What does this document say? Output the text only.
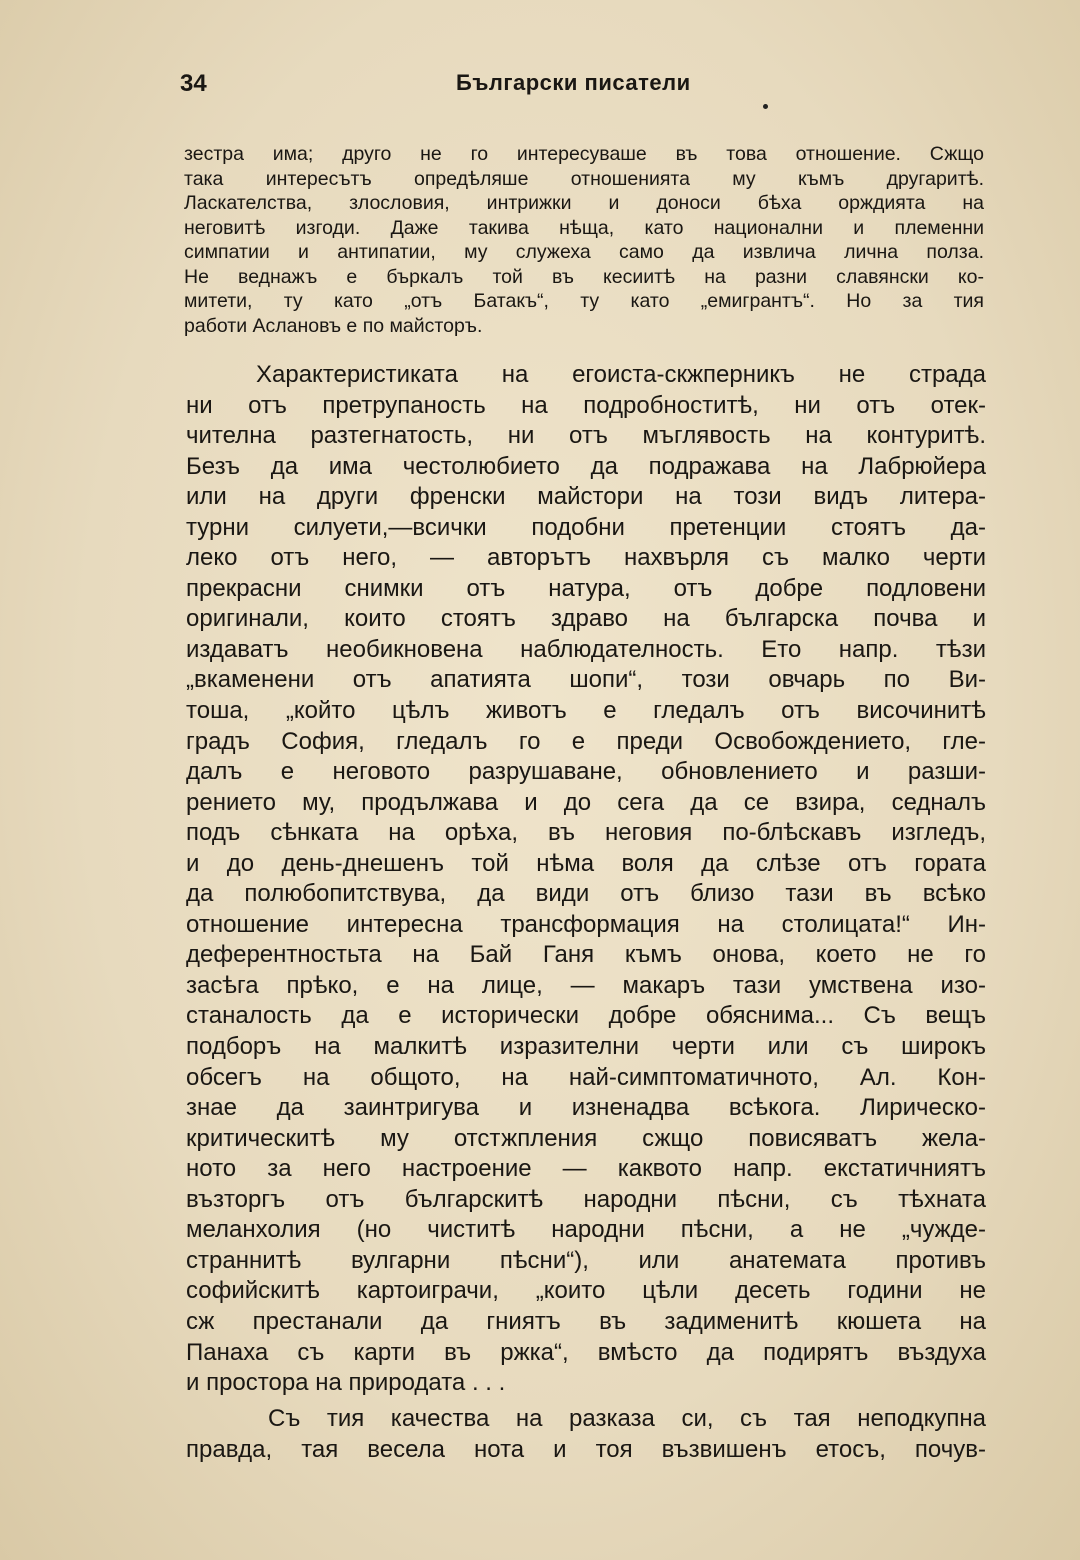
34	Български писатели
зестра има; друго не го интересуваше въ това отношение. Сжщо
така интересътъ опредѣляше отношенията му къмъ другаритѣ.
Ласкателства, злословия, интрижки и доноси бѣха орждията на
неговитѣ изгоди. Даже такива нѣща, като национални и племенни
симпатии и антипатии, му служеха само да извлича лична полза.
Не веднажъ е бъркалъ той въ кесиитѣ на разни славянски ко-
митети, ту като „отъ Батакъ“, ту като „емигрантъ“. Но за тия
работи Аслановъ е по майсторъ.
Характеристиката на егоиста-скжперникъ не страда
ни отъ претрупаность на подробноститѣ, ни отъ отек-
чителна разтегнатость, ни отъ мъглявость на контуритѣ.
Безъ да има честолюбието да подражава на Лабрюйера
или на други френски майстори на този видъ литера-
турни силуети,—всички подобни претенции стоятъ да-
леко отъ него, — авторътъ нахвърля съ малко черти
прекрасни снимки отъ натура, отъ добре подловени
оригинали, които стоятъ здраво на българска почва и
издаватъ необикновена наблюдателность. Ето напр. тѣзи
„вкаменени отъ апатията шопи“, този овчарь по Ви-
тоша, „който цѣлъ животъ е гледалъ отъ височинитѣ
градъ София, гледалъ го е преди Освобождението, гле-
далъ е неговото разрушаване, обновлението и разши-
рението му, продължава и до сега да се взира, седналъ
подъ сѣнката на орѣха, въ неговия по-блѣскавъ изгледъ,
и до день-днешенъ той нѣма воля да слѣзе отъ гората
да полюбопитствува, да види отъ близо тази въ всѣко
отношение интересна трансформация на столицата!“ Ин-
деферентностьта на Бай Ганя къмъ онова, което не го
засѣга прѣко, е на лице, — макаръ тази умствена изо-
станалость да е исторически добре обяснима... Съ вещъ
подборъ на малкитѣ изразителни черти или съ широкъ
обсегъ на общото, на най-симптоматичното, Ал. Кон-
знае да заинтригува и изненадва всѣкога. Лирическо-
критическитѣ му отстжпления сжщо повисяватъ жела-
ното за него настроение — каквото напр. екстатичниятъ
възторгъ отъ българскитѣ народни пѣсни, съ тѣхната
меланхолия (но чиститѣ народни пѣсни, а не „чужде-
страннитѣ вулгарни пѣсни“), или анатемата противъ
софийскитѣ картоиграчи, „които цѣли десеть години не
сж престанали да гниятъ въ задименитѣ кюшета на
Панаха съ карти въ ржка“, вмѣсто да подирятъ въздуха
и простора на природата . . .
Съ тия качества на разказа си, съ тая неподкупна
правда, тая весела нота и тоя възвишенъ етосъ, почув-
